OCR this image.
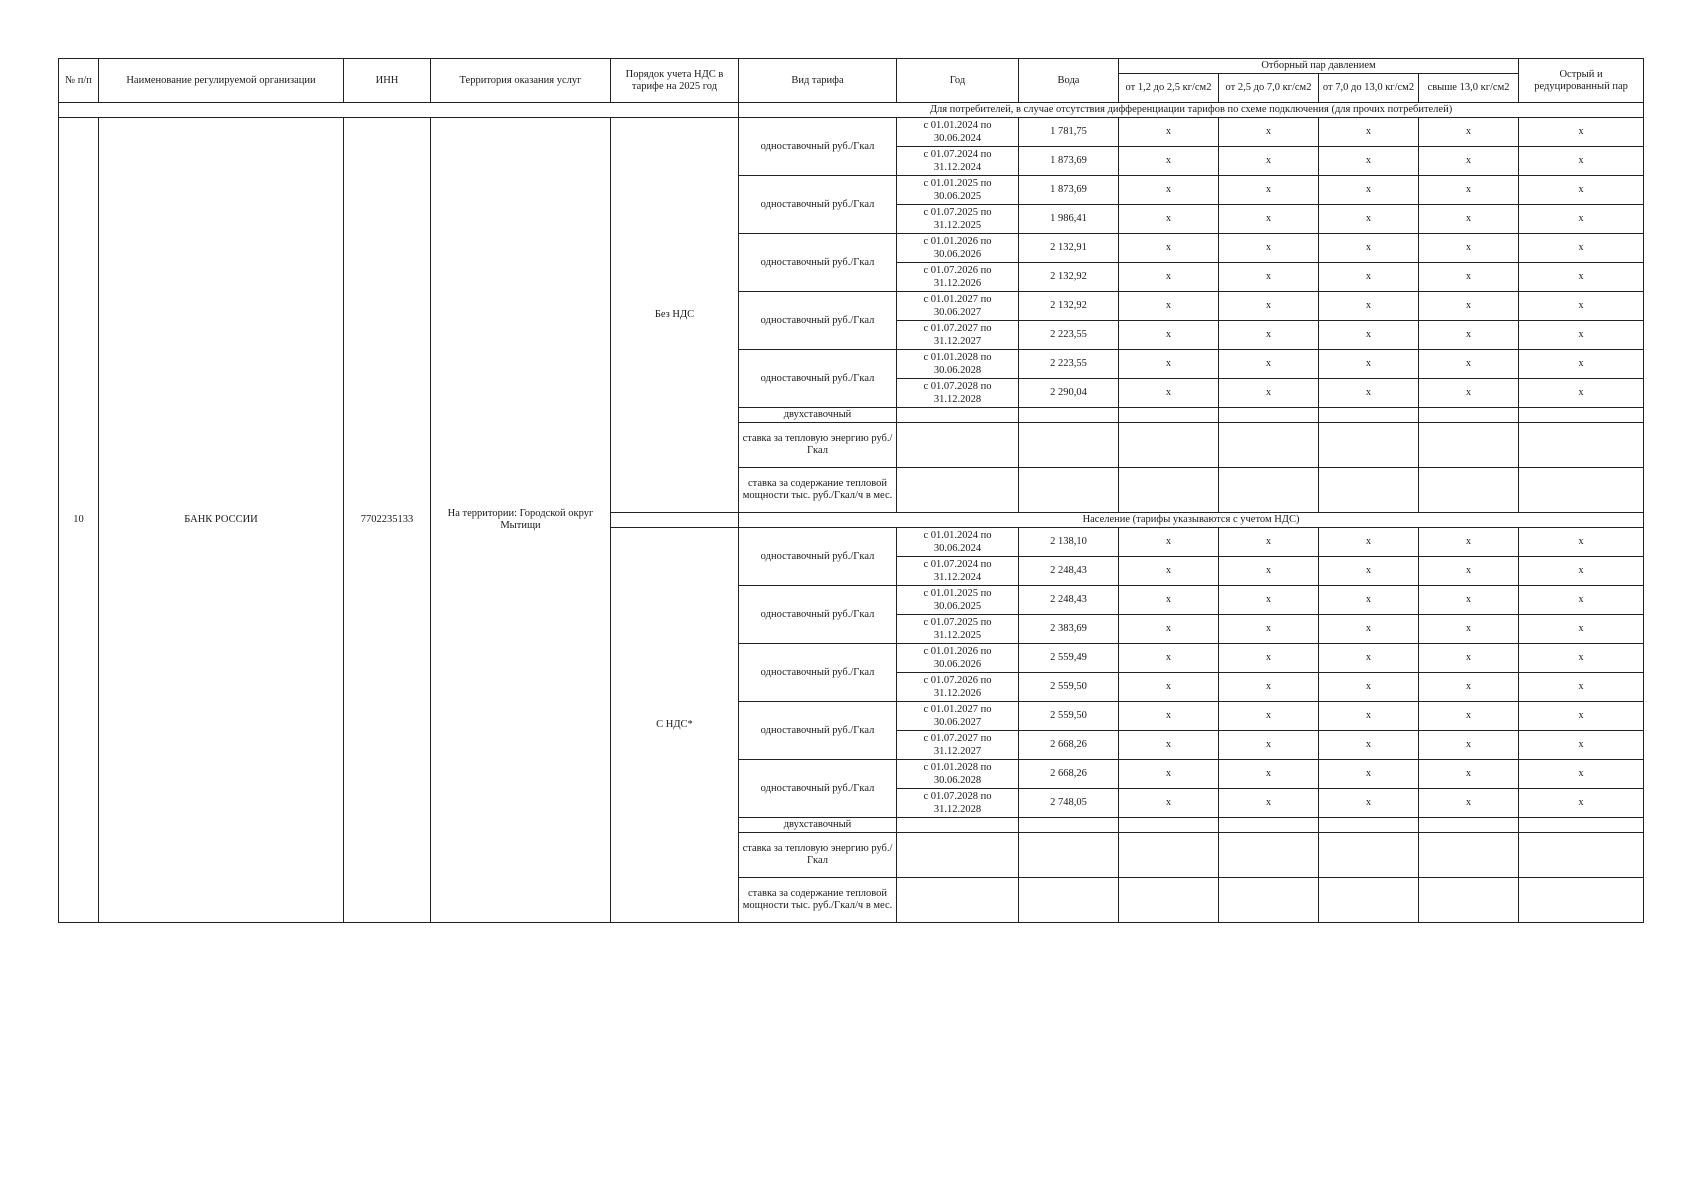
№ п/п	Наименование регулируемой организации	ИНН	Территория оказания услуг	Порядок учета НДС в тарифе на 2025 год	Вид тарифа	Год	Вода	Отборный пар давлением				Острый и редуцированный пар
								от 1,2 до 2,5 кг/см2	от 2,5 до 7,0 кг/см2	от 7,0 до 13,0 кг/см2	свыше 13,0 кг/см2	
					Для потребителей, в случае отсутствия дифференциации тарифов по схеме подключения (для прочих потребителей)							
10	БАНК РОССИИ	7702235133	На территории: Городской округ Мытищи	Без НДС	одноставочный руб./Гкал	с 01.01.2024 по 30.06.2024	1 781,75	х	х	х	х	х
						с 01.07.2024 по 31.12.2024	1 873,69	х	х	х	х	х
					одноставочный руб./Гкал	с 01.01.2025 по 30.06.2025	1 873,69	х	х	х	х	х
						с 01.07.2025 по 31.12.2025	1 986,41	х	х	х	х	х
					одноставочный руб./Гкал	с 01.01.2026 по 30.06.2026	2 132,91	х	х	х	х	х
						с 01.07.2026 по 31.12.2026	2 132,92	х	х	х	х	х
					одноставочный руб./Гкал	с 01.01.2027 по 30.06.2027	2 132,92	х	х	х	х	х
						с 01.07.2027 по 31.12.2027	2 223,55	х	х	х	х	х
					одноставочный руб./Гкал	с 01.01.2028 по 30.06.2028	2 223,55	х	х	х	х	х
						с 01.07.2028 по 31.12.2028	2 290,04	х	х	х	х	х
					двухставочный							
					ставка за тепловую энергию руб./Гкал							
					ставка за содержание тепловой мощности тыс. руб./Гкал/ч в мес.							
					Население (тарифы указываются с учетом НДС)							
				С НДС*	одноставочный руб./Гкал	с 01.01.2024 по 30.06.2024	2 138,10	х	х	х	х	х
						с 01.07.2024 по 31.12.2024	2 248,43	х	х	х	х	х
					одноставочный руб./Гкал	с 01.01.2025 по 30.06.2025	2 248,43	х	х	х	х	х
						с 01.07.2025 по 31.12.2025	2 383,69	х	х	х	х	х
					одноставочный руб./Гкал	с 01.01.2026 по 30.06.2026	2 559,49	х	х	х	х	х
						с 01.07.2026 по 31.12.2026	2 559,50	х	х	х	х	х
					одноставочный руб./Гкал	с 01.01.2027 по 30.06.2027	2 559,50	х	х	х	х	х
						с 01.07.2027 по 31.12.2027	2 668,26	х	х	х	х	х
					одноставочный руб./Гкал	с 01.01.2028 по 30.06.2028	2 668,26	х	х	х	х	х
						с 01.07.2028 по 31.12.2028	2 748,05	х	х	х	х	х
					двухставочный							
					ставка за тепловую энергию руб./Гкал							
					ставка за содержание тепловой мощности тыс. руб./Гкал/ч в мес.							
